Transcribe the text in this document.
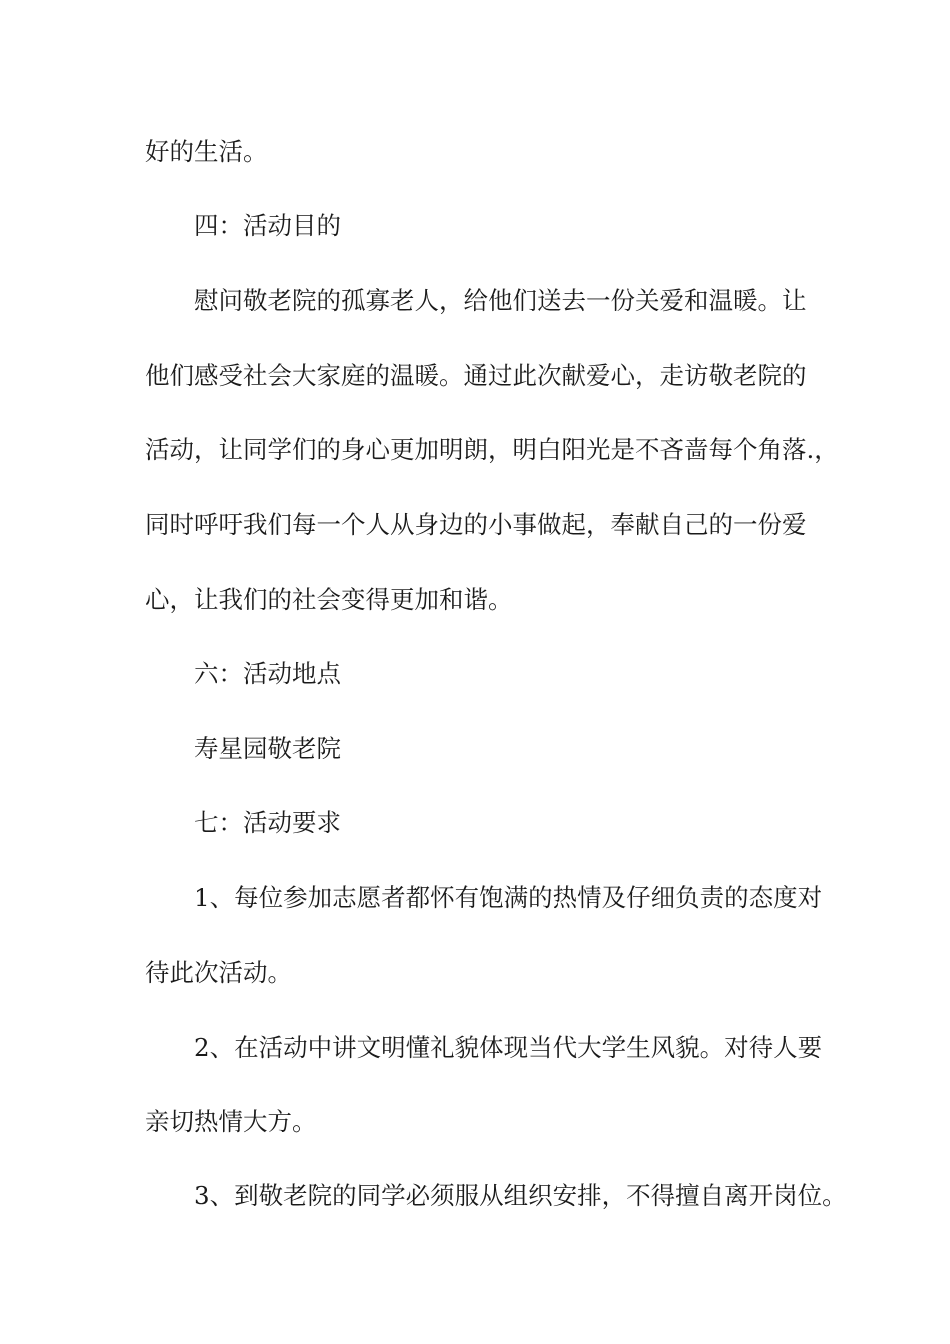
好的生活。
四：活动目的
慰问敬老院的孤寡老人，给他们送去一份关爱和温暖。让
他们感受社会大家庭的温暖。通过此次献爱心，走访敬老院的
活动，让同学们的身心更加明朗，明白阳光是不吝啬每个角落.，
同时呼吁我们每一个人从身边的小事做起，奉献自己的一份爱
心，让我们的社会变得更加和谐。
六：活动地点
寿星园敬老院
七：活动要求
1、每位参加志愿者都怀有饱满的热情及仔细负责的态度对
待此次活动。
2、在活动中讲文明懂礼貌体现当代大学生风貌。对待人要
亲切热情大方。
3、到敬老院的同学必须服从组织安排，不得擅自离开岗位。
